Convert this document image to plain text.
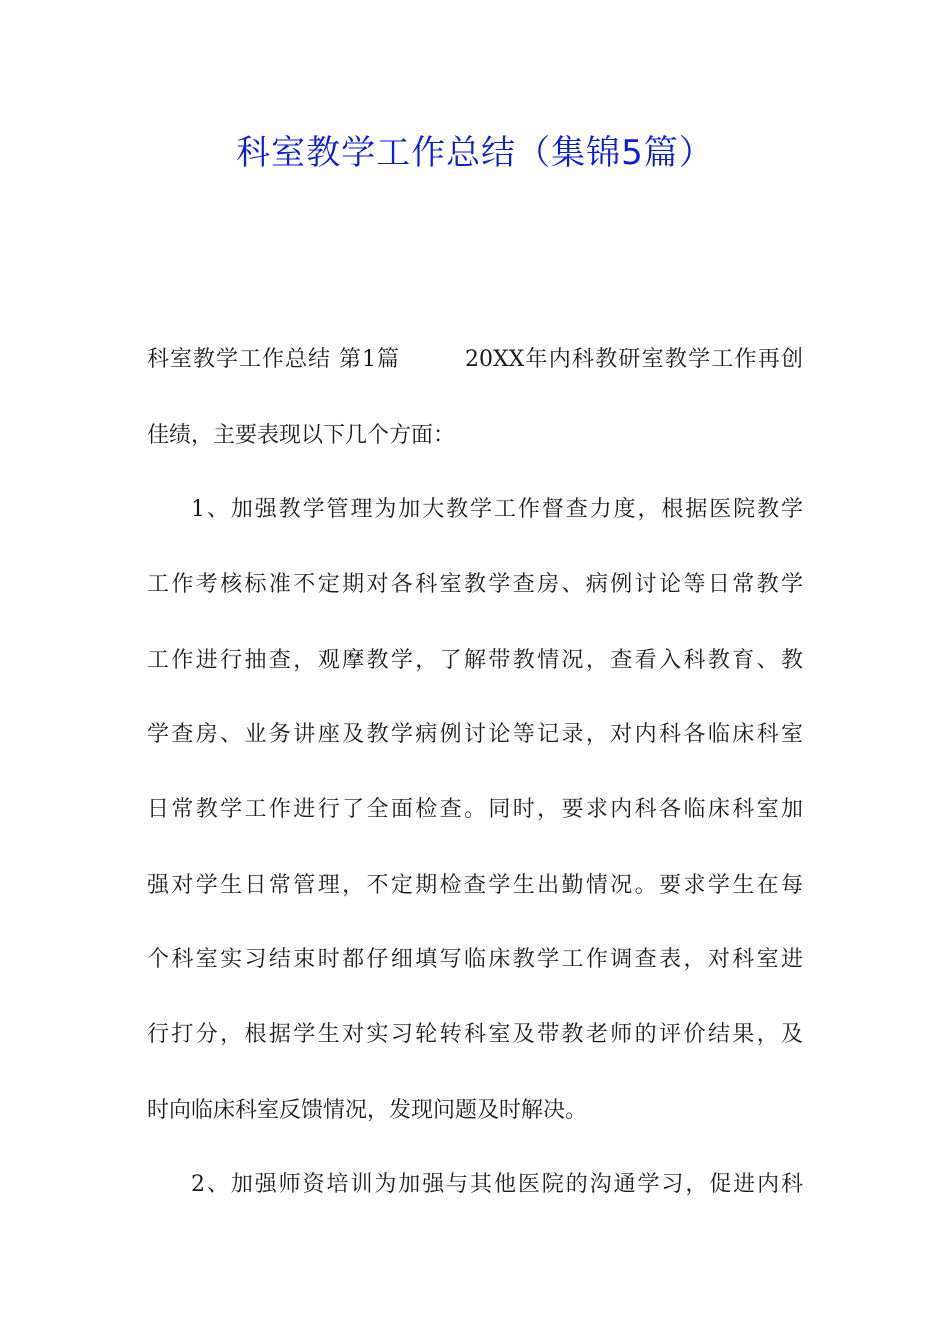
科室教学工作总结（集锦5篇）
科室教学工作总结 第1篇	20XX年内科教研室教学工作再创
佳绩，主要表现以下几个方面：
1、加强教学管理为加大教学工作督查力度，根据医院教学
工作考核标准不定期对各科室教学查房、病例讨论等日常教学
工作进行抽查，观摩教学，了解带教情况，查看入科教育、教
学查房、业务讲座及教学病例讨论等记录，对内科各临床科室
日常教学工作进行了全面检查。同时，要求内科各临床科室加
强对学生日常管理，不定期检查学生出勤情况。要求学生在每
个科室实习结束时都仔细填写临床教学工作调查表，对科室进
行打分，根据学生对实习轮转科室及带教老师的评价结果，及
时向临床科室反馈情况，发现问题及时解决。
2、加强师资培训为加强与其他医院的沟通学习，促进内科
